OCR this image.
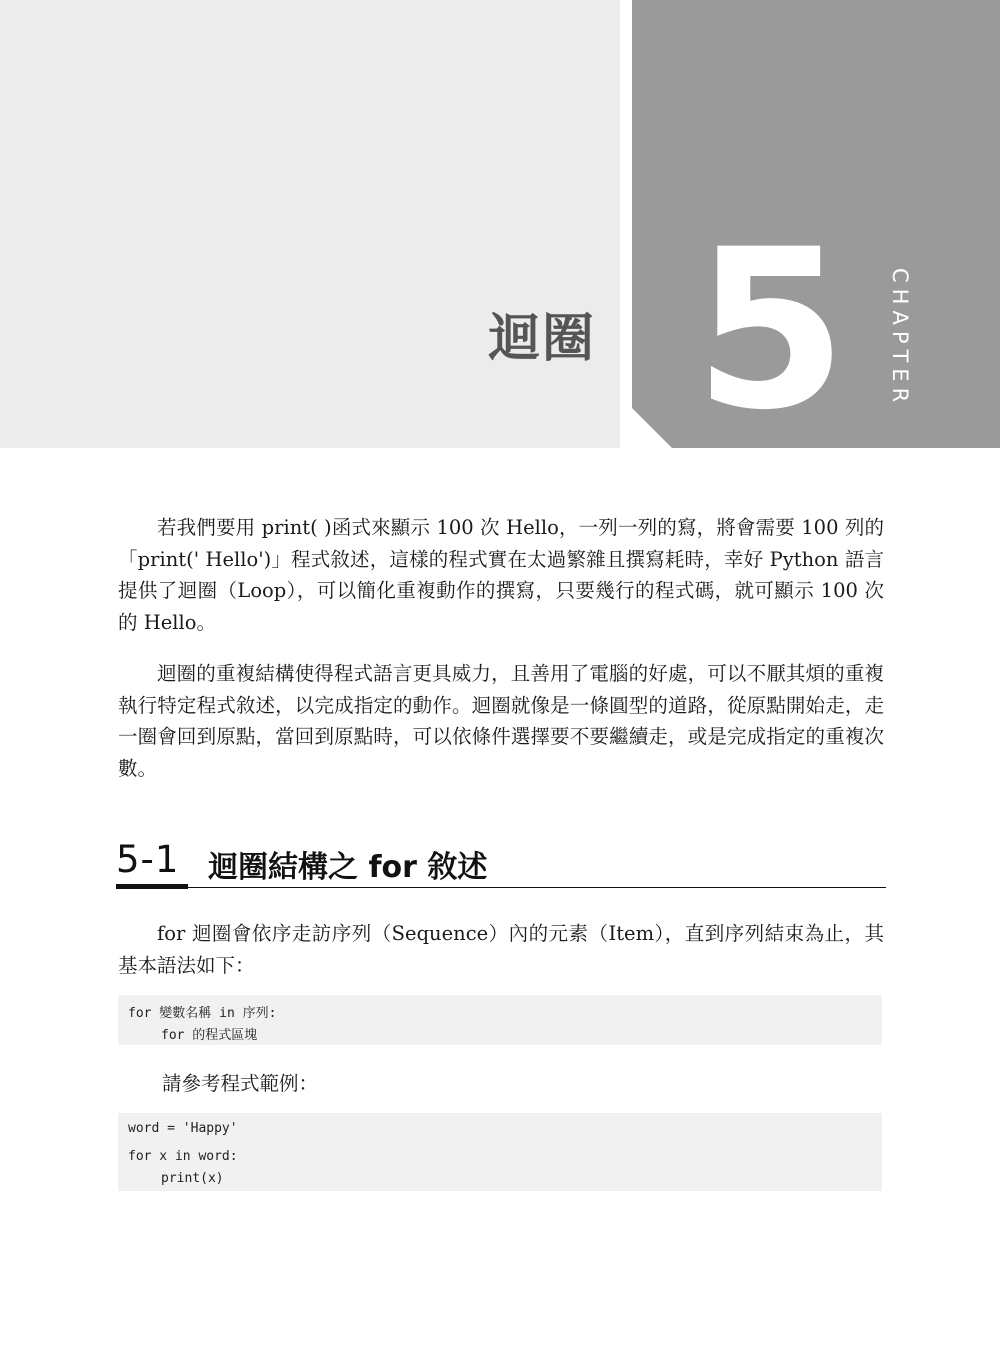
迴圈 5 CHAPTER

若我們要用 print( )函式來顯示 100 次 Hello，一列一列的寫，將會需要 100 列的「print(' Hello')」程式敘述，這樣的程式實在太過繁雜且撰寫耗時，幸好 Python 語言提供了迴圈（Loop），可以簡化重複動作的撰寫，只要幾行的程式碼，就可顯示 100 次的 Hello。

迴圈的重複結構使得程式語言更具威力，且善用了電腦的好處，可以不厭其煩的重複執行特定程式敘述，以完成指定的動作。迴圈就像是一條圓型的道路，從原點開始走，走一圈會回到原點，當回到原點時，可以依條件選擇要不要繼續走，或是完成指定的重複次數。

5-1 迴圈結構之 for 敘述

for 迴圈會依序走訪序列（Sequence）內的元素（Item），直到序列結束為止，其基本語法如下：

for 變數名稱 in 序列:
for 的程式區塊

請參考程式範例：

word = 'Happy'
for x in word:
print(x)
